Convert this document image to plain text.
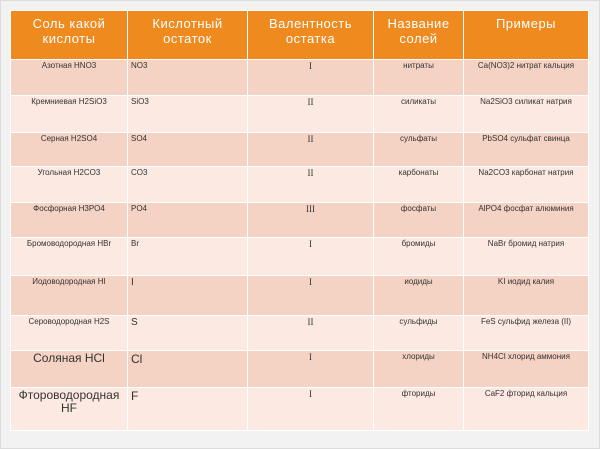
Соль какой кислоты	Кислотный остаток	Валентность остатка	Название солей	Примеры
Азотная HNO3	NO3	I	нитраты	Ca(NO3)2 нитрат кальция
Кремниевая H2SiO3	SiO3	II	силикаты	Na2SiO3 силикат натрия
Серная H2SO4	SO4	II	сульфаты	PbSO4 сульфат свинца
Угольная H2CO3	CO3	II	карбонаты	Na2CO3 карбонат натрия
Фосфорная H3PO4	PO4	III	фосфаты	AlPO4 фосфат алюминия
Бромоводородная HBr	Br	I	бромиды	NaBr бромид натрия
Иодоводородная HI	I	I	иодиды	KI иодид калия
Сероводородная H2S	S	II	сульфиды	FeS сульфид железа (II)
Соляная HCl	Cl	I	хлориды	NH4Cl хлорид аммония
Фтороводородная HF	F	I	фториды	CaF2 фторид кальция
